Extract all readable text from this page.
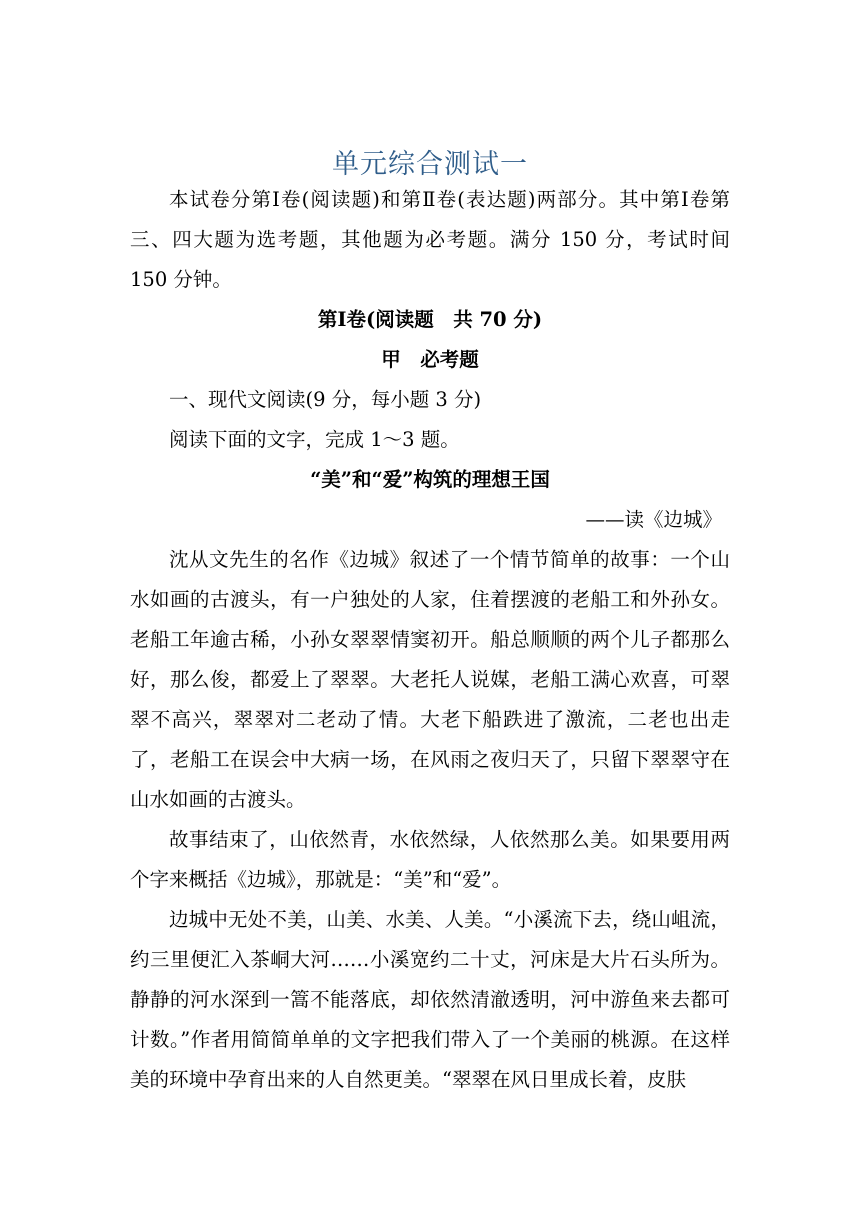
单元综合测试一

本试卷分第Ⅰ卷(阅读题)和第Ⅱ卷(表达题)两部分。其中第Ⅰ卷第三、四大题为选考题，其他题为必考题。满分 150 分，考试时间 150 分钟。

第Ⅰ卷(阅读题　共 70 分)

甲　必考题

一、现代文阅读(9 分，每小题 3 分)

阅读下面的文字，完成 1～3 题。

“美”和“爱”构筑的理想王国

——读《边城》

沈从文先生的名作《边城》叙述了一个情节简单的故事：一个山水如画的古渡头，有一户独处的人家，住着摆渡的老船工和外孙女。老船工年逾古稀，小孙女翠翠情窦初开。船总顺顺的两个儿子都那么好，那么俊，都爱上了翠翠。大老托人说媒，老船工满心欢喜，可翠翠不高兴，翠翠对二老动了情。大老下船跌进了激流，二老也出走了，老船工在误会中大病一场，在风雨之夜归天了，只留下翠翠守在山水如画的古渡头。

故事结束了，山依然青，水依然绿，人依然那么美。如果要用两个字来概括《边城》，那就是：“美”和“爱”。

边城中无处不美，山美、水美、人美。“小溪流下去，绕山岨流，约三里便汇入茶峒大河……小溪宽约二十丈，河床是大片石头所为。静静的河水深到一篙不能落底，却依然清澈透明，河中游鱼来去都可计数。”作者用简简单单的文字把我们带入了一个美丽的桃源。在这样美的环境中孕育出来的人自然更美。“翠翠在风日里成长着，皮肤
